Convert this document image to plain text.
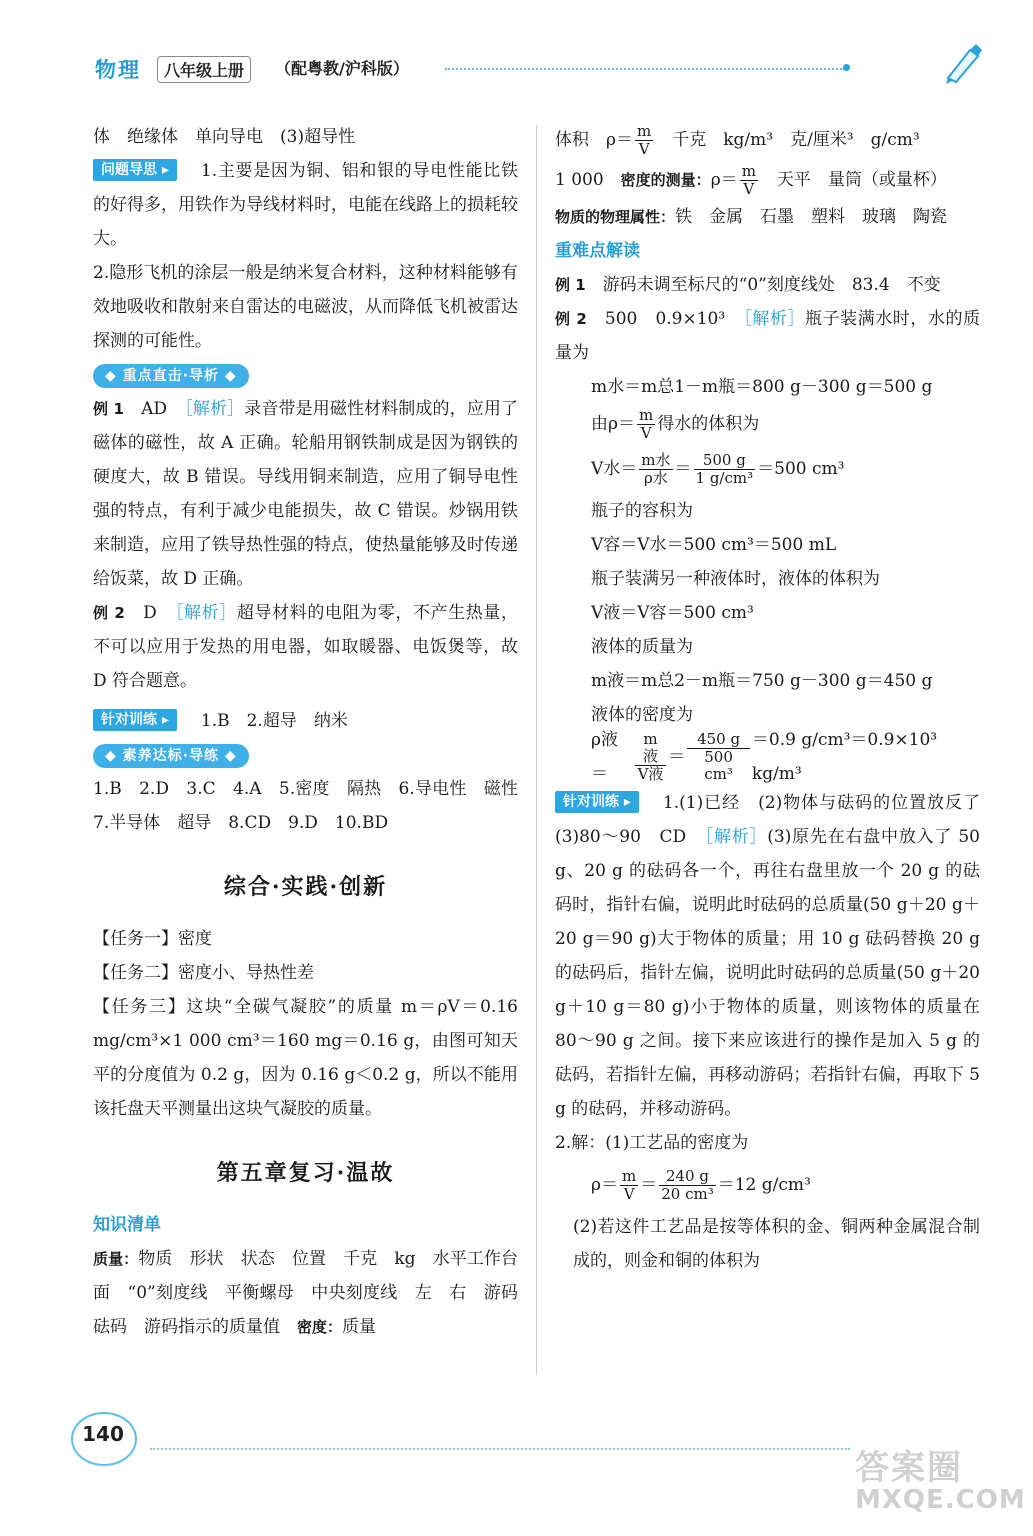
物理	八年级上册	（配粤教/沪科版）

体　绝缘体　单向导电　(3)超导性

问题导思 ▸ 1.主要是因为铜、铝和银的导电性能比铁的好得多，用铁作为导线材料时，电能在线路上的损耗较大。

2.隐形飞机的涂层一般是纳米复合材料，这种材料能够有效地吸收和散射来自雷达的电磁波，从而降低飞机被雷达探测的可能性。

◆ 重点直击·导析 ◆

例 1　 AD　 ［解析］录音带是用磁性材料制成的，应用了磁体的磁性，故 A 正确。轮船用钢铁制成是因为钢铁的硬度大，故 B 错误。导线用铜来制造，应用了铜导电性强的特点，有利于减少电能损失，故 C 错误。炒锅用铁来制造，应用了铁导热性强的特点，使热量能够及时传递给饭菜，故 D 正确。

例 2　 D　 ［解析］超导材料的电阻为零，不产生热量，不可以应用于发热的用电器，如取暖器、电饭煲等，故 D 符合题意。

针对训练 ▸ 1.B　2.超导　纳米

◆ 素养达标·导练 ◆

1.B　2.D　3.C　4.A　5.密度　隔热　6.导电性　磁性　7.半导体　超导　8.CD　9.D　10.BD

综合·实践·创新

【任务一】密度

【任务二】密度小、导热性差

【任务三】这块“全碳气凝胶”的质量 m＝ρV＝0.16 mg/cm³×1 000 cm³＝160 mg＝0.16 g，由图可知天平的分度值为 0.2 g，因为 0.16 g＜0.2 g，所以不能用该托盘天平测量出这块气凝胶的质量。

第五章复习·温故
知识清单

质量：物质　形状　状态　位置　千克　kg　水平工作台面　“0”刻度线　平衡螺母　中央刻度线　左　右　游码　砝码　游码指示的质量值　密度：质量

体积　 $\rho= \frac{m}{V}$ 　千克　kg/m³　克/厘米³　g/cm³
1 000　 密度的测量： $\rho= \frac{m}{V}$ 　天平　量筒（或量杯）

物质的物理属性：铁　金属　石墨　塑料　玻璃　陶瓷

重难点解读

例 1　 游码未调至标尺的“0”刻度线处　83.4　不变

例 2　 500　0.9×10³　［解析］瓶子装满水时，水的质量为

m水＝m总1－m瓶＝800 g－300 g＝500 g

由 $\rho= \frac{m}{V}$ 得水的体积为
V水＝ $\frac{\text{m水}}{\text{ρ水}} = \frac{500 g}{\text{1 g/cm³}} =500$ cm³

瓶子的容积为

V容＝V水＝500 cm³＝500 mL

瓶子装满另一种液体时，液体的体积为

V液＝V容＝500 cm³

液体的质量为

m液＝m总2－m瓶＝750 g－300 g＝450 g

液体的密度为

ρ液＝	$\frac{\text{m液}}{\text{V液}} = \frac{450 g}{\text{500 cm³}} =0.9$ g/cm³＝0.9×10³ kg/m³

针对训练 ▸ 1.(1)已经　(2)物体与砝码的位置放反了　(3)80～90　CD　［解析］(3)原先在右盘中放入了 50 g、20 g 的砝码各一个，再往右盘里放一个 20 g 的砝码时，指针右偏，说明此时砝码的总质量(50 g＋20 g＋20 g＝90 g)大于物体的质量；用 10 g 砝码替换 20 g 的砝码后，指针左偏，说明此时砝码的总质量(50 g＋20 g＋10 g＝80 g)小于物体的质量，则该物体的质量在 80～90 g 之间。接下来应该进行的操作是加入 5 g 的砝码，若指针左偏，再移动游码；若指针右偏，再取下 5 g 的砝码，并移动游码。

2.解：(1)工艺品的密度为

$\rho= \frac{m}{V} = \frac{240 g}{\text{20 cm³}} =12$ g/cm³

(2)若这件工艺品是按等体积的金、铜两种金属混合制成的，则金和铜的体积为

140
答案圈
MXQE.COM
